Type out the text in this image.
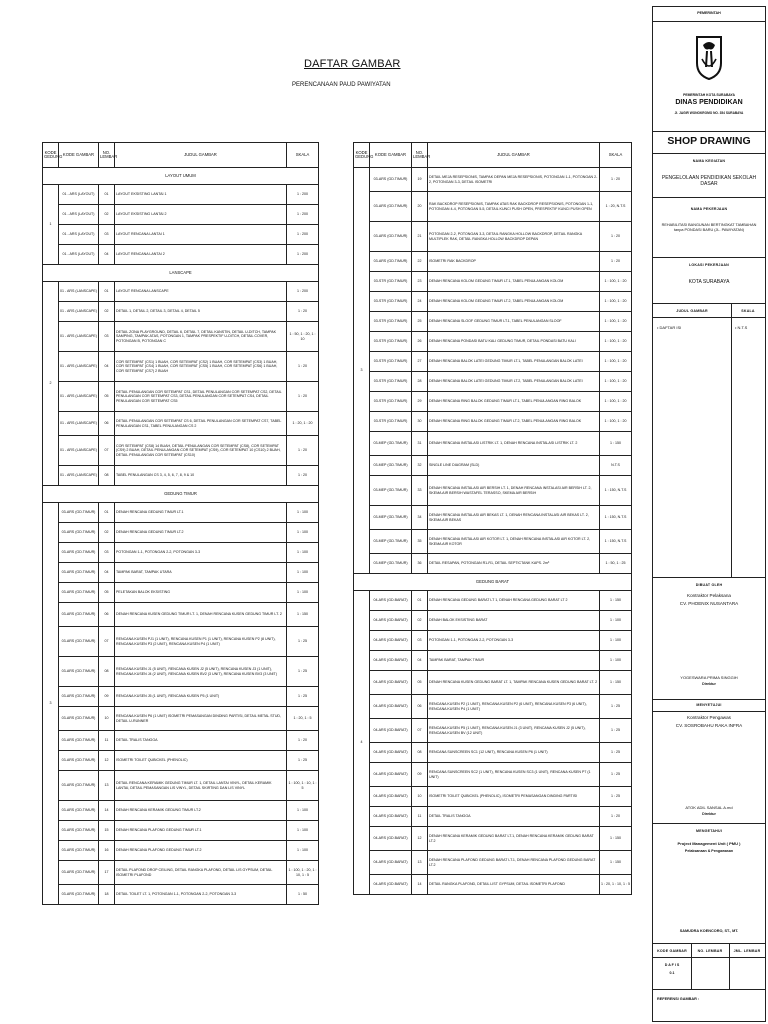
DAFTAR GAMBAR
PERENCANAAN PAUD PAWIYATAN
KODE GEDUNG	KODE GAMBAR	NO. LEMBAR	JUDUL GAMBAR	SKALA
LAYOUT UMUM				
1	01 - ARS (LAYOUT)	01	LAYOUT EKSISTING LANTAI 1	1 : 200
	01 - ARS (LAYOUT)	02	LAYOUT EKSISTING LANTAI 2	1 : 200
	01 - ARS (LAYOUT)	03	LAYOUT RENCANA LANTAI 1	1 : 200
	01 - ARS (LAYOUT)	04	LAYOUT RENCANA LANTAI 2	1 : 200
LANSCAPE				
2	01 - ARS (LANSCAPE)	01	LAYOUT RENCANA LANSCAPE	1 : 200
	01 - ARS (LANSCAPE)	02	DETAIL 1, DETAIL 2, DETAIL 3, DETAIL 4, DETAIL 5	1 : 20
	01 - ARS (LANSCAPE)	03	DETAIL ZONA PLAYGROUND, DETAIL 6, DETAIL 7, DETAIL KANSTIN, DETAIL U-DITCH, TAMPAK SAMPING, TAMPAK ATAS, POTONGAN 1, TAMPAK PRESPEKTIF U-DITCH, DETAIL COVER, POTONGAN B, POTONGAN C	1 : 50, 1 : 20, 1 : 10
	01 - ARS (LANSCAPE)	04	COR SETEMPAT (CS1) 1 BUAH, COR SETEMPAT (CS2) 1 BUAH, COR SETEMPAT (CS3) 1 BUAH, COR SETEMPAT (CS4) 1 BUAH, COR SETEMPAT (CS5) 1 BUAH, COR SETEMPAT (CS6) 1 BUAH, COR SETEMPAT (CS7) 2 BUAH	1 : 20
	01 - ARS (LANSCAPE)	05	DETAIL PENULANGAN COR SETEMPAT CS1, DETAIL PENULANGAN COR SETEMPAT CS2, DETAIL PENULANGAN COR SETEMPAT CS3, DETAIL PENULANGAN COR SETEMPAT CS4, DETAIL PENULANGAN COR SETEMPAT CS5	1 : 20
	01 - ARS (LANSCAPE)	06	DETAIL PENULANGAN COR SETEMPAT CS 6, DETAIL PENULANGAN COR SETEMPAT CS7, TABEL PENULANGAN CS1, TABEL PENULANGAN CS 2	1 : 20, 1 : 20
	01 - ARS (LANSCAPE)	07	COR SETEMPAT (CS8) 14 BUAH, DETAIL PENULANGAN COR SETEMPAT (CS8), COR SETEMPAT (CS9) 2 BUAH, DETAIL PENULANGAN COR SETEMPAT (CS9), COR SETEMPAT 10 (CS10) 2 BUAH, DETAIL PENULANGAN COR SETEMPAT (CS10)	1 : 20
	01 - ARS (LANSCAPE)	08	TABEL PENULANGAN CS 3, 4, 5, 6, 7, 8, 9 & 10	1 : 20
GEDUNG TIMUR				
3	03-ARS (GD.TIMUR)	01	DENAH RENCANA GEDUNG TIMUR LT.1	1 : 100
	03-ARS (GD.TIMUR)	02	DENAH RENCANA GEDUNG TIMUR LT.2	1 : 100
	03-ARS (GD.TIMUR)	03	POTONGAN 1-1, POTONGAN 2-2, POTONGAN 3-3	1 : 100
	03-ARS (GD.TIMUR)	04	TAMPAK BARAT, TAMPAK UTARA	1 : 100
	03-ARS (GD.TIMUR)	05	PELETAKAN BALOK EKSISTING	1 : 100
	03-ARS (GD.TIMUR)	06	DENAH RENCANA KUSEN GEDUNG TIMUR LT. 1, DENAH RENCANA KUSEN GEDUNG TIMUR LT. 2	1 : 150
	03-ARS (GD.TIMUR)	07	RENCANA KUSEN PJ1 (1 UNIT), RENCANA KUSEN P1 (1 UNIT), RENCANA KUSEN P2 (8 UNIT), RENCANA KUSEN P3 (2 UNIT), RENCANA KUSEN P4 (1 UNIT)	1 : 25
	03-ARS (GD.TIMUR)	08	RENCANA KUSEN J1 (5 UNIT), RENCANA KUSEN J2 (5 UNIT), RENCANA KUSEN J3 (1 UNIT), RENCANA KUSEN J4 (2 UNIT), RENCANA KUSEN BV2 (3 UNIT), RENCANA KUSEN BV3 (3 UNIT)	1 : 25
	03-ARS (GD.TIMUR)	09	RENCANA KUSEN J5 (1 UNIT), RENCANA KUSEN P5 (1 UNIT)	1 : 25
	03-ARS (GD.TIMUR)	10	RENCANA KUSEN P6 (1 UNIT) ISOMETRI PEMASANGAN DINDING PARTISI, DETAIL METAL STUD, DETAIL U-RUNNER	1 : 20, 1 : 5
	03-ARS (GD.TIMUR)	11	DETAIL TRALIS TANGGA	1 : 20
	03-ARS (GD.TIMUR)	12	ISOMETRI TOILET QUBICKEL (PHENOLIC)	1 : 25
	03-ARS (GD.TIMUR)	13	DETAIL RENCANA KERAMIK GEDUNG TIMUR LT. 1, DETAIL LANTAI VINYL, DETAIL KERAMIK LANTAI, DETAIL PEMASANGAN LIS VINYL, DETAIL SKIRTING DAN LIS VINYL	1 : 100, 1 : 10, 1 : 5
	03-ARS (GD.TIMUR)	14	DENAH RENCANA KERAMIK GEDUNG TIMUR LT.2	1 : 100
	03-ARS (GD.TIMUR)	15	DENAH RENCANA PLAFOND GEDUNG TIMUR LT.1	1 : 100
	03-ARS (GD.TIMUR)	16	DENAH RENCANA PLAFOND GEDUNG TIMUR LT.2	1 : 100
	03-ARS (GD.TIMUR)	17	DETAIL PLAFOND DROP CEILING, DETAIL RANGKA PLAFOND, DETAIL LIS GYPSUM, DETAIL ISOMETRI PLAFOND	1 : 100, 1 : 20, 1 : 10, 1 : 5
	03-ARS (GD.TIMUR)	18	DETAIL TOILET LT. 1, POTONGAN 1-1, POTONGAN 2-2, POTONGAN 3-3	1 : 50
KODE GEDUNG	KODE GAMBAR	NO. LEMBAR	JUDUL GAMBAR	SKALA
3	03-ARS (GD.TIMUR)	19	DETAIL MEJA RESEPSIONIS, TAMPAK DEPAN MEJA RESEPSIONIS, POTONGAN 1-1, POTONGAN 2-2, POTONGAN 3-3, DETAIL ISOMETRI	1 : 20
	03-ARS (GD.TIMUR)	20	RAK BACKDROP RESEPSIONIS, TAMPAK ATAS RAK BACKDROP RESEPSIONIS, POTONGAN 1-1, POTONGAN 4-4, POTONGAN 5-5, DETAIL KUNCI PUSH OPEN, PRESPEKTIF KUNCI PUSH OPEN	1 : 20, N.T.S
	03-ARS (GD.TIMUR)	21	POTONGAN 2-2, POTONGAN 3-3, DETAIL RANGKA HOLLOW BACKDROP, DETAIL RANGKA MULTIPLEK RAK, DETAIL RANGKA HOLLOW BACKDROP DEPAN	1 : 20
	03-ARS (GD.TIMUR)	22	ISOMETRI RAK BACKDROP	1 : 20
	03-STR (GD.TIMUR)	23	DENAH RENCANA KOLOM GEDUNG TIMUR LT.1, TABEL PENULANGAN KOLOM	1 : 100, 1 : 20
	03-STR (GD.TIMUR)	24	DENAH RENCANA KOLOM GEDUNG TIMUR LT.2, TABEL PENULANGAN KOLOM	1 : 100, 1 : 20
	03-STR (GD.TIMUR)	25	DENAH RENCANA SLOOF GEDUNG TIMUR LT.1, TABEL PENULANGAN SLOOF	1 : 100, 1 : 20
	03-STR (GD.TIMUR)	26	DENAH RENCANA PONDASI BATU KALI GEDUNG TIMUR, DETAIL PONDASI BATU KALI	1 : 100, 1 : 20
	03-STR (GD.TIMUR)	27	DENAH RENCANA BALOK LATEI GEDUNG TIMUR LT.1, TABEL PENULANGAN BALOK LATEI	1 : 100, 1 : 20
	03-STR (GD.TIMUR)	28	DENAH RENCANA BALOK LATEI GEDUNG TIMUR LT.2, TABEL PENULANGAN BALOK LATEI	1 : 100, 1 : 20
	03-STR (GD.TIMUR)	29	DENAH RENCANA RING BALOK GEDUNG TIMUR LT.1, TABEL PENULANGAN RING BALOK	1 : 100, 1 : 20
	03-STR (GD.TIMUR)	30	DENAH RENCANA RING BALOK GEDUNG TIMUR LT.2, TABEL PENULANGAN RING BALOK	1 : 100, 1 : 20
	03-MEP (GD.TIMUR)	31	DENAH RENCANA INSTALASI LISTRIK LT. 1, DENAH RENCANA INSTALASI LISTRIK LT. 2	1 : 150
	03-MEP (GD.TIMUR)	32	SINGLE LINE DIAGRAM (SLD)	N.T.S
	03-MEP (GD.TIMUR)	33	DENAH RENCANA INSTALASI AIR BERSIH LT. 1, DENAH RENCANA INSTALASI AIR BERSIH LT. 2, SKEMA AIR BERSIH WASTAFEL TERASSO, SKEMA AIR BERSIH	1 : 150, N.T.S
	03-MEP (GD.TIMUR)	34	DENAH RENCANA INSTALASI AIR BEKAS LT. 1, DENAH RENCANA INSTALASI AIR BEKAS LT. 2, SKEMA AIR BEKAS	1 : 150, N.T.S
	03-MEP (GD.TIMUR)	35	DENAH RENCANA INSTALASI AIR KOTOR LT. 1, DENAH RENCANA INSTALASI AIR KOTOR LT. 2, SKEMA AIR KOTOR	1 : 150, N.T.S
	03-MEP (GD.TIMUR)	36	DETAIL RESAPAN, POTONGAN R1-R1, DETAIL SEPTICTANK KAPS. 2m³	1 : 50, 1 : 25
GEDUNG BARAT				
4	04-ARS (GD.BARAT)	01	DENAH RENCANA GEDUNG BARAT LT 1, DENAH RENCANA GEDUNG BARAT LT 2	1 : 150
	04-ARS (GD.BARAT)	02	DENAH BALOK EKSISTING BARAT	1 : 100
	04-ARS (GD.BARAT)	03	POTONGAN 1-1, POTONGAN 2-2, POTONGAN 3-3	1 : 100
	04-ARS (GD.BARAT)	04	TAMPAK BARAT, TAMPAK TIMUR	1 : 100
	04-ARS (GD.BARAT)	05	DENAH RENCANA KUSEN GEDUNG BARAT LT. 1, TAMPAK RENCANA KUSEN GEDUNG BARAT LT. 2	1 : 150
	04-ARS (GD.BARAT)	06	RENCANA KUSEN P2 (1 UNIT), RENCANA KUSEN P2 (6 UNIT), RENCANA KUSEN P3 (6 UNIT), RENCANA KUSEN P4 (1 UNIT)	1 : 25
	04-ARS (GD.BARAT)	07	RENCANA KUSEN P5 (1 UNIT), RENCANA KUSEN J1 (3 UNIT), RENCANA KUSEN J2 (5 UNIT), RENCANA KUSEN BV (12 UNIT)	1 : 25
	04-ARS (GD.BARAT)	08	RENCANA SUNSCREEN SC1 (12 UNIT), RENCANA KUSEN P6 (1 UNIT)	1 : 25
	04-ARS (GD.BARAT)	09	RENCANA SUNSCREEN SC2 (1 UNIT), RENCANA KUSEN SC3 (1 UNIT), RENCANA KUSEN P7 (1 UNIT)	1 : 25
	04-ARS (GD.BARAT)	10	ISOMETRI TOILET QUBICKEL (PHENOLIC), ISOMETRI PEMASANGAN DINDING PARTISI	1 : 25
	04-ARS (GD.BARAT)	11	DETAIL TRALIS TANGGA	1 : 20
	04-ARS (GD.BARAT)	12	DENAH RENCANA KERAMIK GEDUNG BARAT LT.1, DENAH RENCANA KERAMIK GEDUNG BARAT LT.2	1 : 150
	04-ARS (GD.BARAT)	13	DENAH RENCANA PLAFOND GEDUNG BARAT LT.1, DENAH RENCANA PLAFOND GEDUNG BARAT LT.2	1 : 150
	04-ARS (GD.BARAT)	14	DETAIL RANGKA PLAFOND, DETAIL LIST GYPSUM, DETAIL ISOMETRI PLAFOND	1 : 20, 1 : 10, 1 : 5
PEMERINTAH
PEMERINTAH KOTA SURABAYA
DINAS PENDIDIKAN
Jl. JAGIR WONOKROMO NO. 354 SURABAYA
SHOP DRAWING
NAMA KEGIATAN
PENGELOLAAN PENDIDIKAN SEKOLAH DASAR
NAMA PEKERJAAN
REHABILITASI BANGUNAN BERTINGKAT TAMBAHAN tanpa PONDASI BARU (JL. PAWIYATAN)
LOKASI PEKERJAAN
KOTA SURABAYA
JUDUL GAMBAR	SKALA
• DAFTAR ISI	• N.T.S
DIBUAT OLEH
Kontraktor Pelaksana
CV. PHOENIX NUSANTARA
YOGESWARA PRIMA SINGGIH
Direktur
MENYETUJUI
Kontraktor Pengawas
CV. SOSROBAHU RAKA INFRA
ATOK ADIL SANSAL A.md
Direktur
MENGETAHUI
Project Management Unit ( PMU )
Pelaksanaan & Pengawasan
SAMUDRA KOENCORO, ST., MT.
KODE GAMBAR	NO. LEMBAR	JML. LEMBAR
D A F I S
0.1
REFERENSI GAMBAR :
